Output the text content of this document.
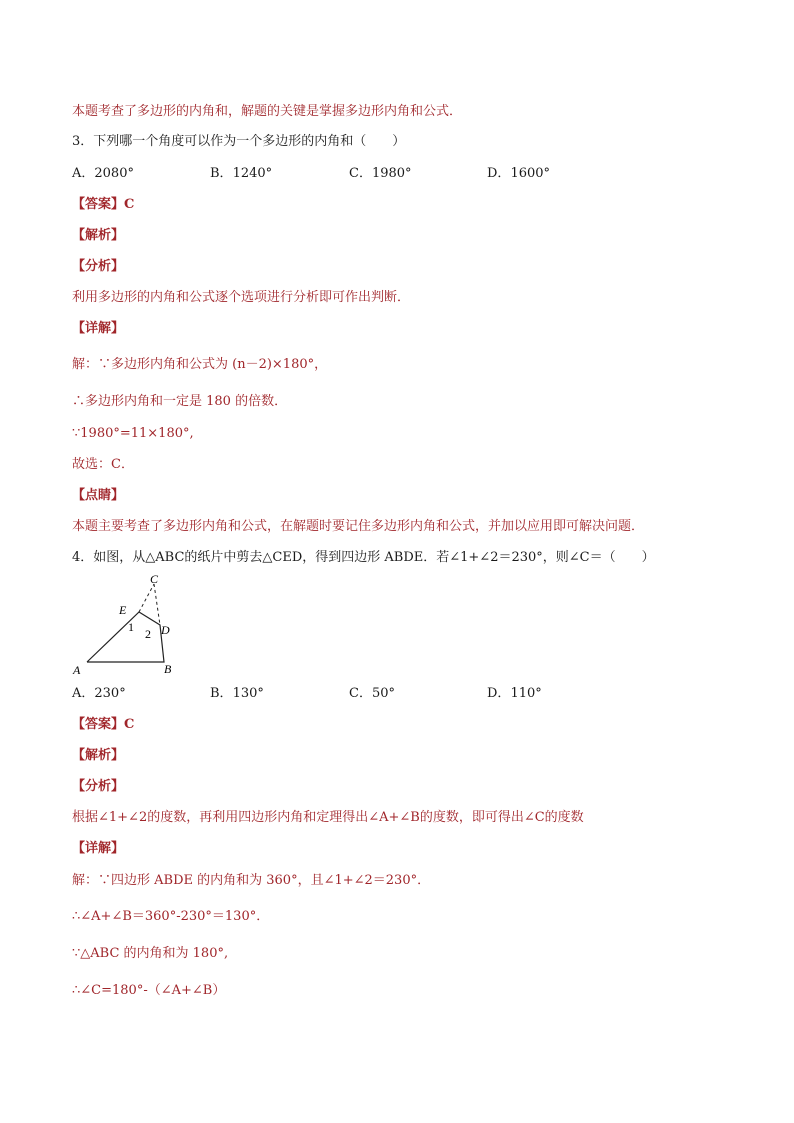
本题考查了多边形的内角和，解题的关键是掌握多边形内角和公式．
3．下列哪一个角度可以作为一个多边形的内角和（　　）
A．2080°	B．1240°	C．1980°	D．1600°
【答案】C
【解析】
【分析】
利用多边形的内角和公式逐个选项进行分析即可作出判断．
【详解】
解：∵多边形内角和公式为 (n－2)×180°，
∴多边形内角和一定是 180 的倍数．
∵1980°=11×180°,
故选：C．
【点睛】
本题主要考查了多边形内角和公式，在解题时要记住多边形内角和公式，并加以应用即可解决问题．
4．如图，从△ABC的纸片中剪去△CED，得到四边形 ABDE．若∠1+∠2＝230°，则∠C＝（　　）
C
E
1 2 D
A	B
A．230°	B．130°	C．50°	D．110°
【答案】C
【解析】
【分析】
根据∠1+∠2的度数，再利用四边形内角和定理得出∠A+∠B的度数，即可得出∠C的度数
【详解】
解：∵四边形 ABDE 的内角和为 360°，且∠1+∠2＝230°．
∴∠A+∠B＝360°-230°＝130°．
∵△ABC 的内角和为 180°,
∴∠C=180°-（∠A+∠B）
